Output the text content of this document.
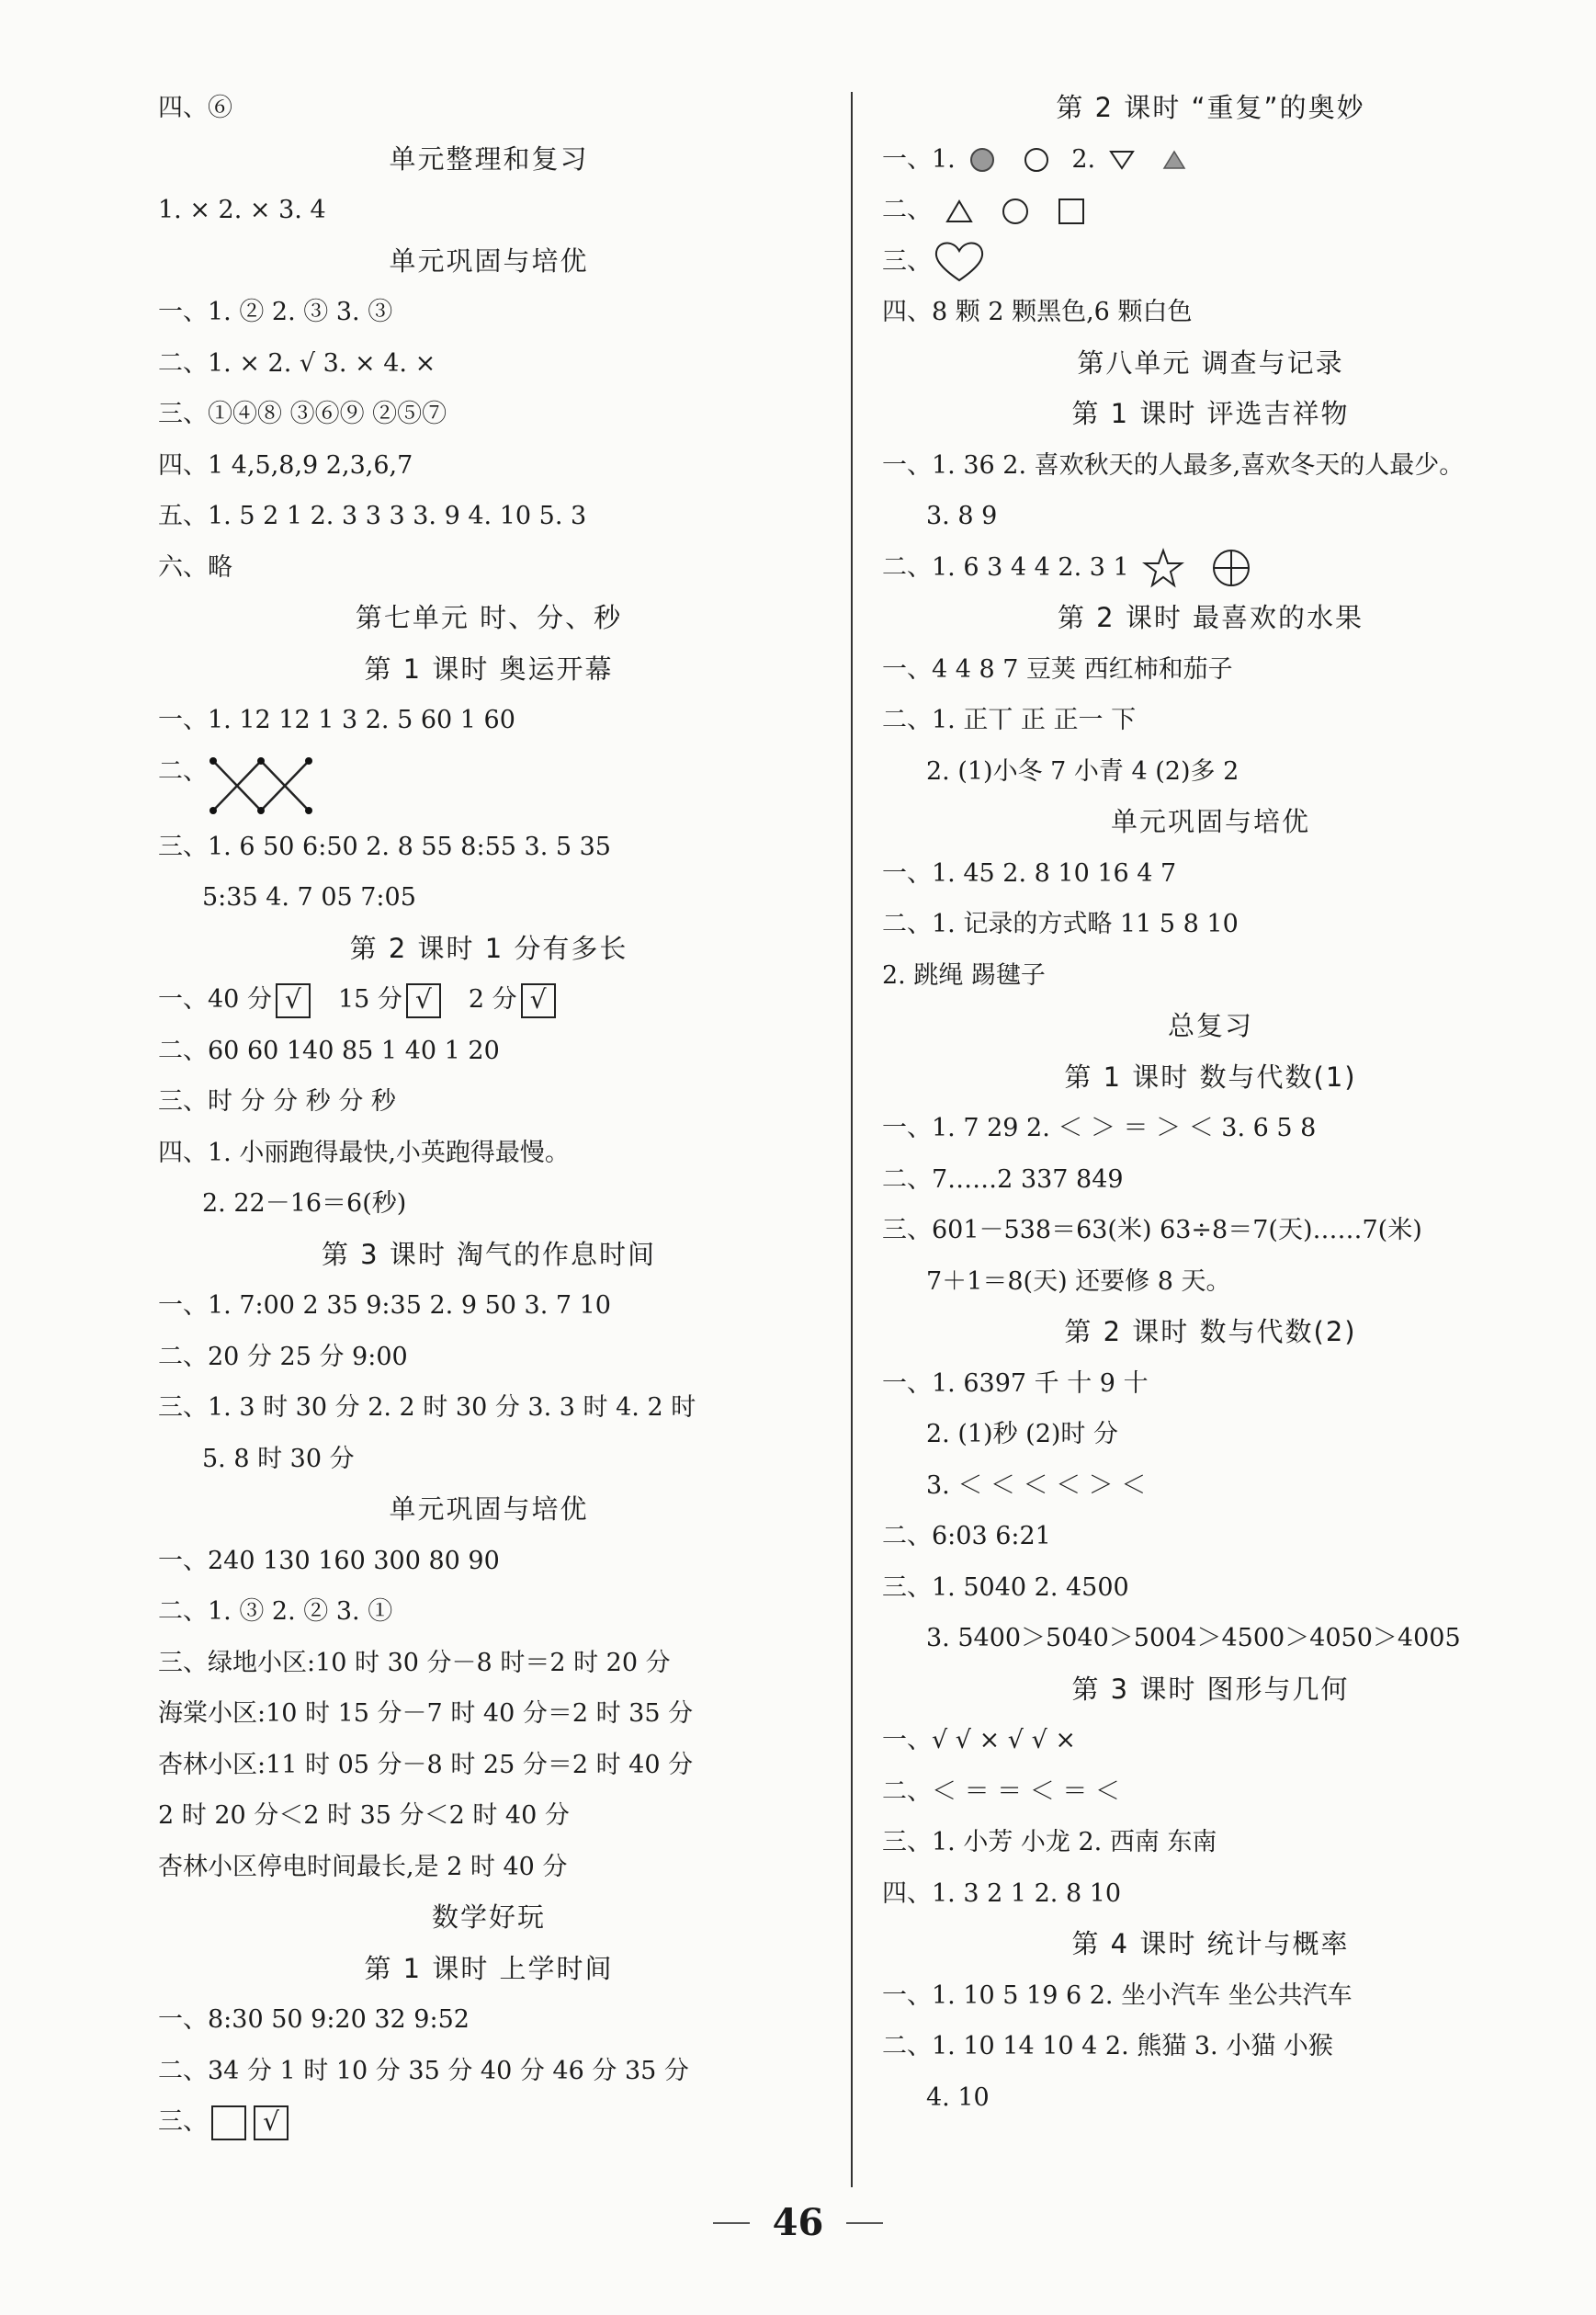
四、⑥
单元整理和复习
1. × 2. × 3. 4
单元巩固与培优
一、1. ② 2. ③ 3. ③
二、1. × 2. √ 3. × 4. ×
三、①④⑧ ③⑥⑨ ②⑤⑦
四、1 4,5,8,9 2,3,6,7
五、1. 5 2 1 2. 3 3 3 3. 9 4. 10 5. 3
六、略
第七单元 时、分、秒
第 1 课时 奥运开幕
一、1. 12 12 1 3 2. 5 60 1 60
二、
三、1. 6 50 6:50 2. 8 55 8:55 3. 5 35
5:35 4. 7 05 7:05
第 2 课时 1 分有多长
一、40 分 √ 15 分 √ 2 分 √
二、60 60 140 85 1 40 1 20
三、时 分 分 秒 分 秒
四、1. 小丽跑得最快,小英跑得最慢。
2. 22－16＝6(秒)
第 3 课时 淘气的作息时间
一、1. 7:00 2 35 9:35 2. 9 50 3. 7 10
二、20 分 25 分 9:00
三、1. 3 时 30 分 2. 2 时 30 分 3. 3 时 4. 2 时
5. 8 时 30 分
单元巩固与培优
一、240 130 160 300 80 90
二、1. ③ 2. ② 3. ①
三、绿地小区:10 时 30 分－8 时＝2 时 20 分
海棠小区:10 时 15 分－7 时 40 分＝2 时 35 分
杏林小区:11 时 05 分－8 时 25 分＝2 时 40 分
2 时 20 分＜2 时 35 分＜2 时 40 分
杏林小区停电时间最长,是 2 时 40 分
数学好玩
第 1 课时 上学时间
一、8:30 50 9:20 32 9:52
二、34 分 1 时 10 分 35 分 40 分 46 分 35 分
三、 √
第 2 课时 “重复”的奥妙
一、1.	2.
二、
三、
四、8 颗 2 颗黑色,6 颗白色
第八单元 调查与记录
第 1 课时 评选吉祥物
一、1. 36 2. 喜欢秋天的人最多,喜欢冬天的人最少。
3. 8 9
二、1. 6 3 4 4 2. 3 1
第 2 课时 最喜欢的水果
一、4 4 8 7 豆荚 西红柿和茄子
二、1. 正丅 正 正一 下
2. (1)小冬 7 小青 4 (2)多 2
单元巩固与培优
一、1. 45 2. 8 10 16 4 7
二、1. 记录的方式略 11 5 8 10
2. 跳绳 踢毽子
总复习
第 1 课时 数与代数(1)
一、1. 7 29 2. ＜ ＞ ＝ ＞ ＜ 3. 6 5 8
二、7……2 337 849
三、601－538＝63(米) 63÷8＝7(天)……7(米)
7＋1＝8(天) 还要修 8 天。
第 2 课时 数与代数(2)
一、1. 6397 千 十 9 十
2. (1)秒 (2)时 分
3. ＜ ＜ ＜ ＜ ＞ ＜
二、6:03 6:21
三、1. 5040 2. 4500
3. 5400＞5040＞5004＞4500＞4050＞4005
第 3 课时 图形与几何
一、√ √ × √ √ ×
二、＜ ＝ ＝ ＜ ＝ ＜
三、1. 小芳 小龙 2. 西南 东南
四、1. 3 2 1 2. 8 10
第 4 课时 统计与概率
一、1. 10 5 19 6 2. 坐小汽车 坐公共汽车
二、1. 10 14 10 4 2. 熊猫 3. 小猫 小猴
4. 10
46
